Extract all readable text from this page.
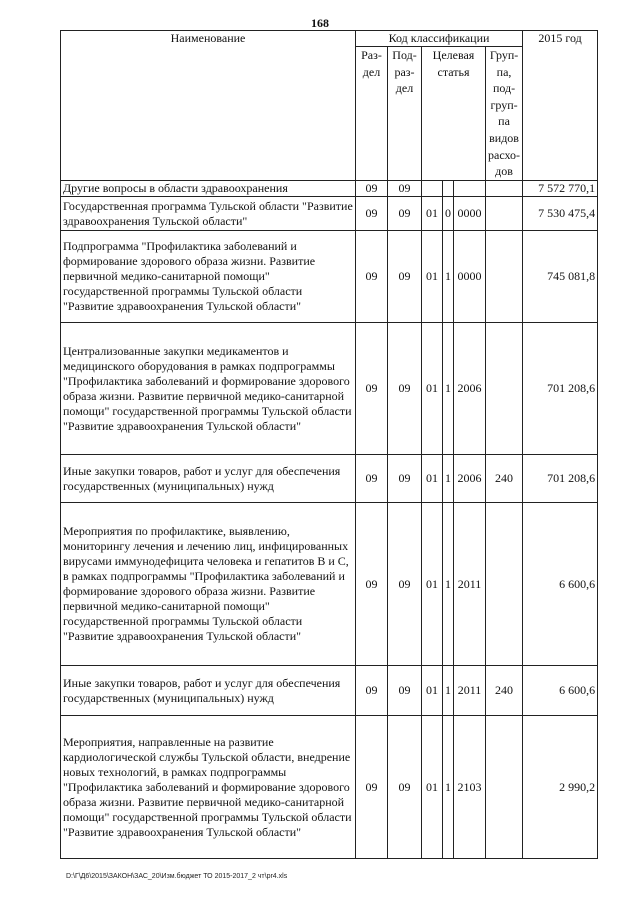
168
Наименование	Код классификации						2015 год
	Раз- дел	Под- раз- дел	Целевая статья			Груп- па, под- груп- па видов расхо- дов	
Другие вопросы в области здравоохранения	09	09					7 572 770,1
Государственная программа Тульской области "Развитие здравоохранения Тульской области"	09	09	01	0	0000		7 530 475,4
Подпрограмма "Профилактика заболеваний и формирование здорового образа жизни. Развитие первичной медико-санитарной помощи" государственной программы Тульской области "Развитие здравоохранения Тульской области"	09	09	01	1	0000		745 081,8
Централизованные закупки медикаментов и медицинского оборудования в рамках подпрограммы "Профилактика заболеваний и формирование здорового образа жизни. Развитие первичной медико-санитарной помощи" государственной программы Тульской области "Развитие здравоохранения Тульской области"	09	09	01	1	2006		701 208,6
Иные закупки товаров, работ и услуг для обеспечения государственных (муниципальных) нужд	09	09	01	1	2006	240	701 208,6
Мероприятия по профилактике, выявлению, мониторингу лечения и лечению лиц, инфицированных вирусами иммунодефицита человека и гепатитов В и С, в рамках подпрограммы "Профилактика заболеваний и формирование здорового образа жизни. Развитие первичной медико-санитарной помощи" государственной программы Тульской области "Развитие здравоохранения Тульской области"	09	09	01	1	2011		6 600,6
Иные закупки товаров, работ и услуг для обеспечения государственных (муниципальных) нужд	09	09	01	1	2011	240	6 600,6
Мероприятия, направленные на развитие кардиологической службы Тульской области, внедрение новых технологий, в рамках подпрограммы "Профилактика заболеваний и формирование здорового образа жизни. Развитие первичной медико-санитарной помощи" государственной программы Тульской области "Развитие здравоохранения Тульской области"	09	09	01	1	2103		2 990,2
D:\Г\Д6\2015\ЗАКОН\ЗАС_20\Изм.бюджет ТО 2015-2017_2 чт\pr4.xls
